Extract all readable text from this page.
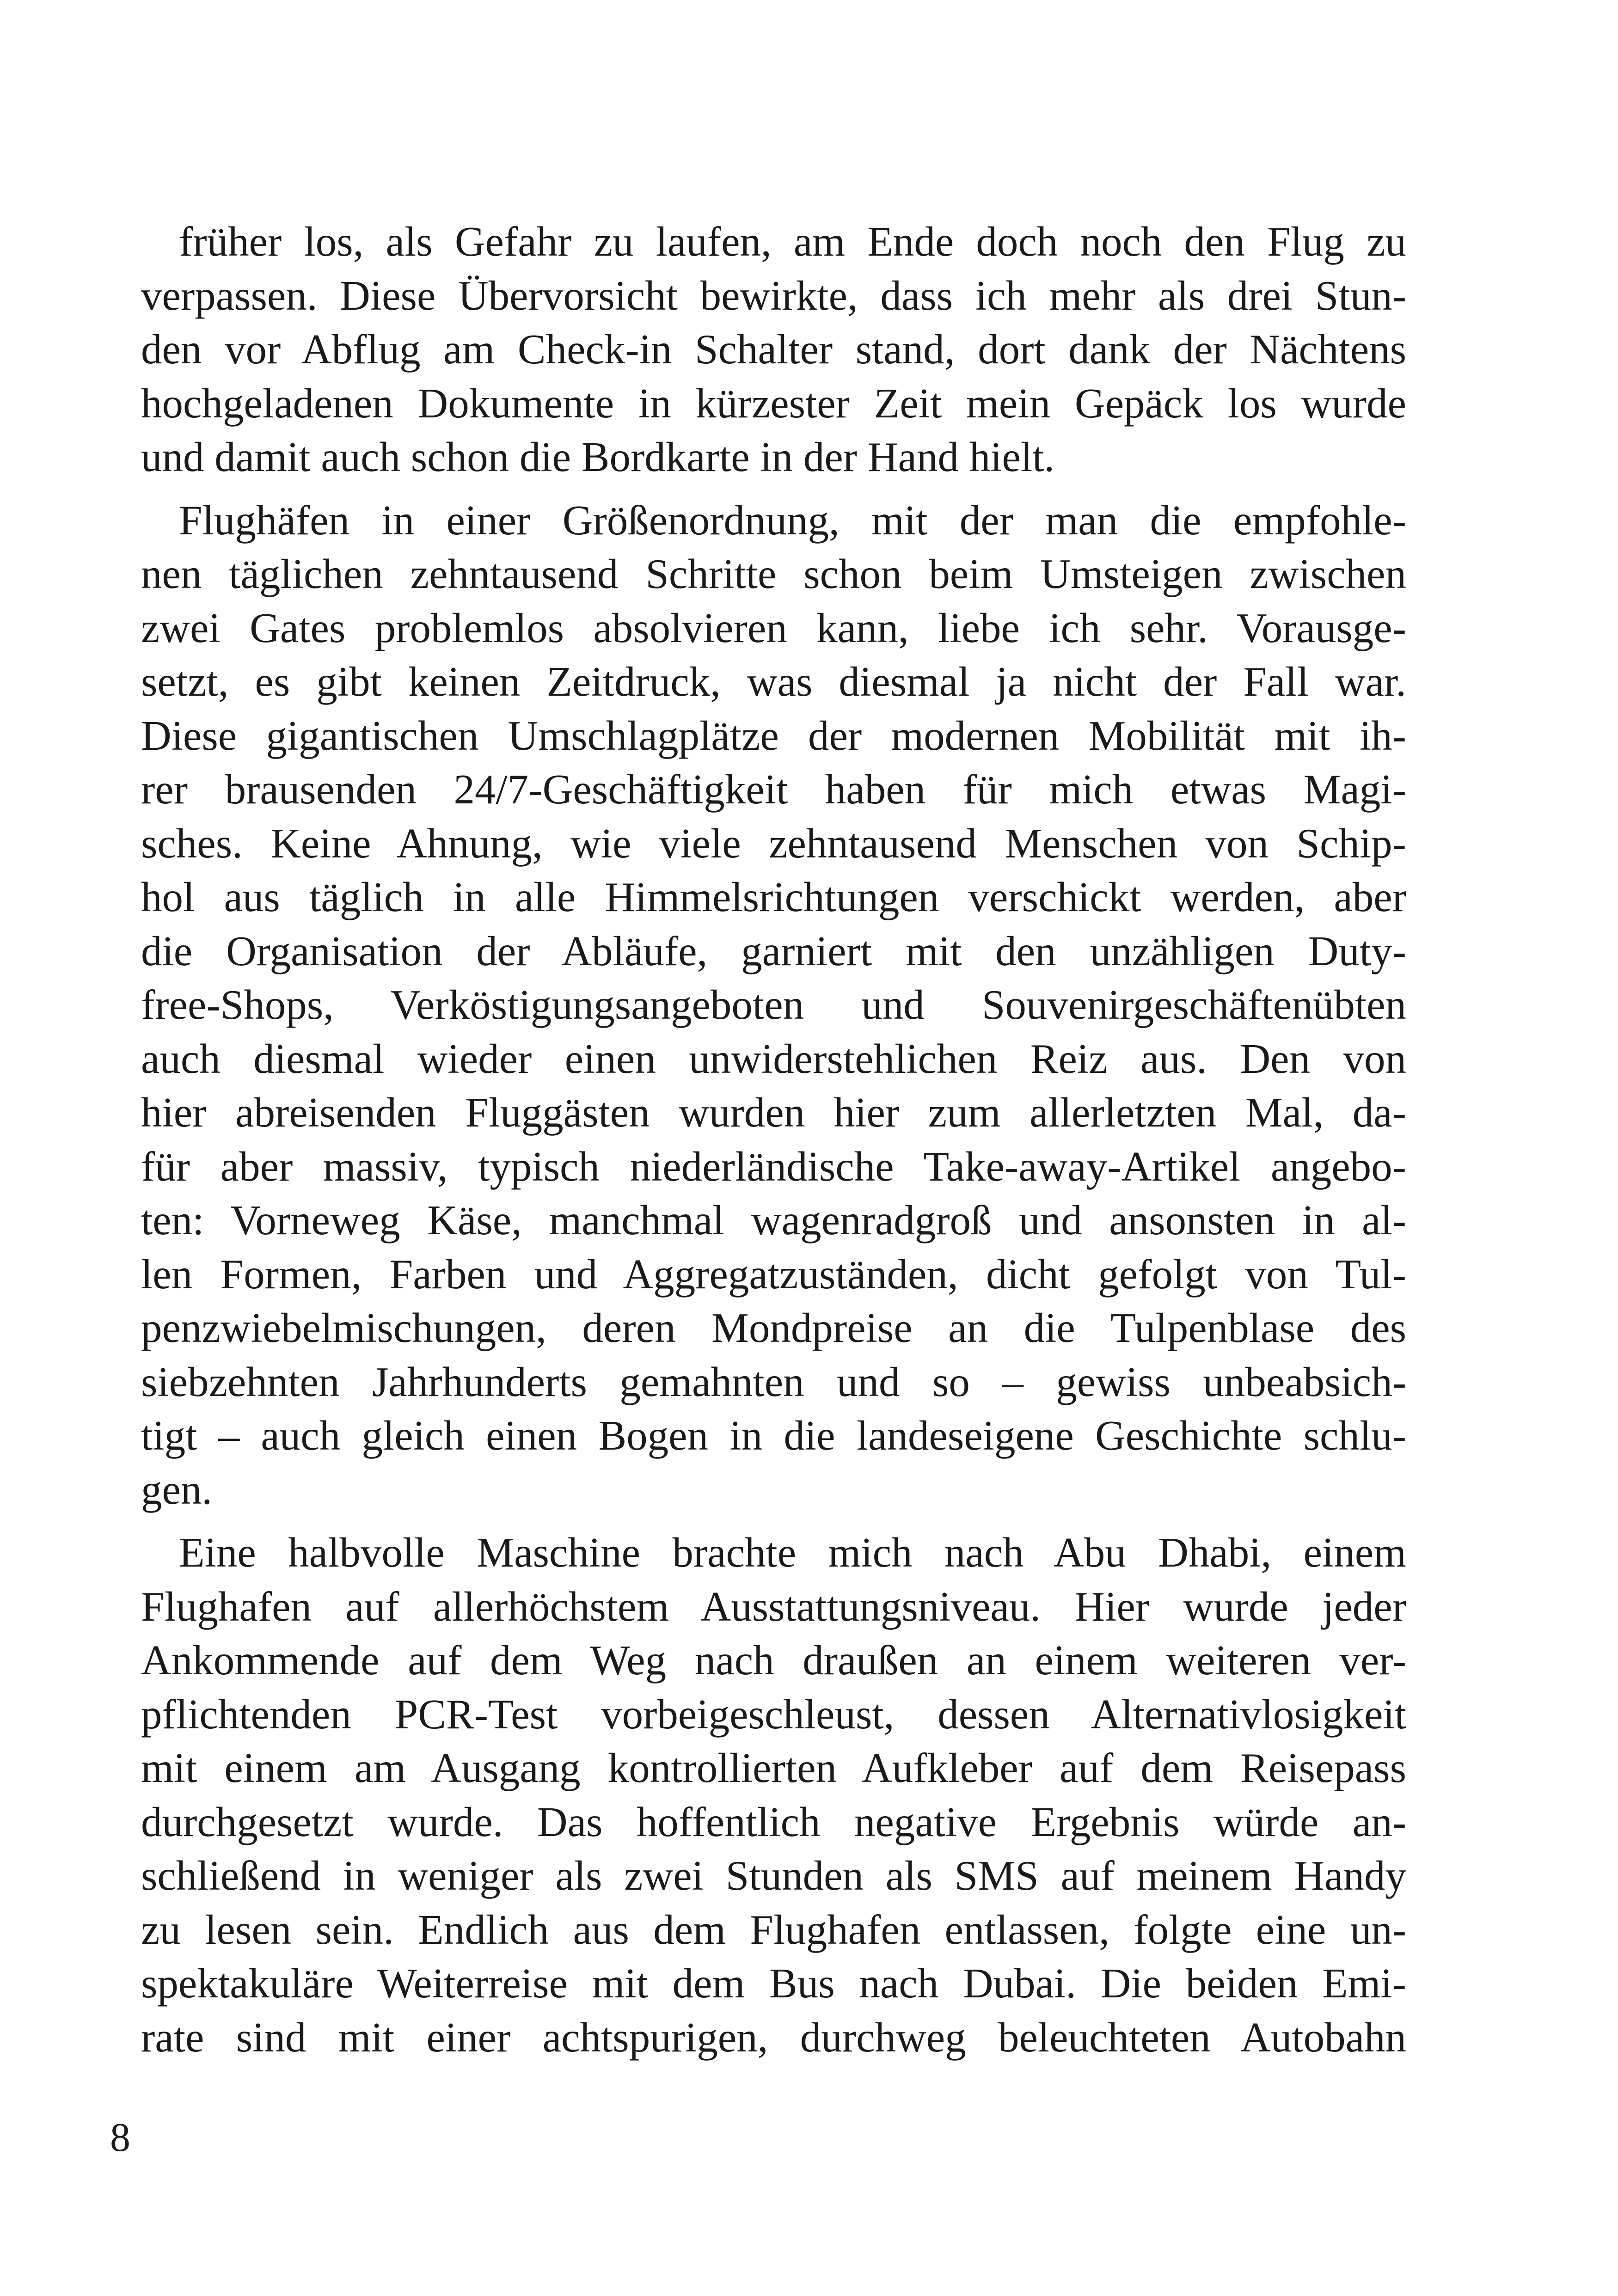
früher los, als Gefahr zu laufen, am Ende doch noch den Flug zu
verpassen. Diese Übervorsicht bewirkte, dass ich mehr als drei Stun-
den vor Abflug am Check-in Schalter stand, dort dank der Nächtens
hochgeladenen Dokumente in kürzester Zeit mein Gepäck los wurde
und damit auch schon die Bordkarte in der Hand hielt.
Flughäfen in einer Größenordnung, mit der man die empfohle-
nen täglichen zehntausend Schritte schon beim Umsteigen zwischen
zwei Gates problemlos absolvieren kann, liebe ich sehr. Vorausge-
setzt, es gibt keinen Zeitdruck, was diesmal ja nicht der Fall war.
Diese gigantischen Umschlagplätze der modernen Mobilität mit ih-
rer brausenden 24/7-Geschäftigkeit haben für mich etwas Magi-
sches. Keine Ahnung, wie viele zehntausend Menschen von Schip-
hol aus täglich in alle Himmelsrichtungen verschickt werden, aber
die Organisation der Abläufe, garniert mit den unzähligen Duty-
free-Shops, Verköstigungsangeboten und Souvenirgeschäftenübten
auch diesmal wieder einen unwiderstehlichen Reiz aus. Den von
hier abreisenden Fluggästen wurden hier zum allerletzten Mal, da-
für aber massiv, typisch niederländische Take-away-Artikel angebo-
ten: Vorneweg Käse, manchmal wagenradgroß und ansonsten in al-
len Formen, Farben und Aggregatzuständen, dicht gefolgt von Tul-
penzwiebelmischungen, deren Mondpreise an die Tulpenblase des
siebzehnten Jahrhunderts gemahnten und so – gewiss unbeabsich-
tigt – auch gleich einen Bogen in die landeseigene Geschichte schlu-
gen.
Eine halbvolle Maschine brachte mich nach Abu Dhabi, einem
Flughafen auf allerhöchstem Ausstattungsniveau. Hier wurde jeder
Ankommende auf dem Weg nach draußen an einem weiteren ver-
pflichtenden PCR-Test vorbeigeschleust, dessen Alternativlosigkeit
mit einem am Ausgang kontrollierten Aufkleber auf dem Reisepass
durchgesetzt wurde. Das hoffentlich negative Ergebnis würde an-
schließend in weniger als zwei Stunden als SMS auf meinem Handy
zu lesen sein. Endlich aus dem Flughafen entlassen, folgte eine un-
spektakuläre Weiterreise mit dem Bus nach Dubai. Die beiden Emi-
rate sind mit einer achtspurigen, durchweg beleuchteten Autobahn
8
